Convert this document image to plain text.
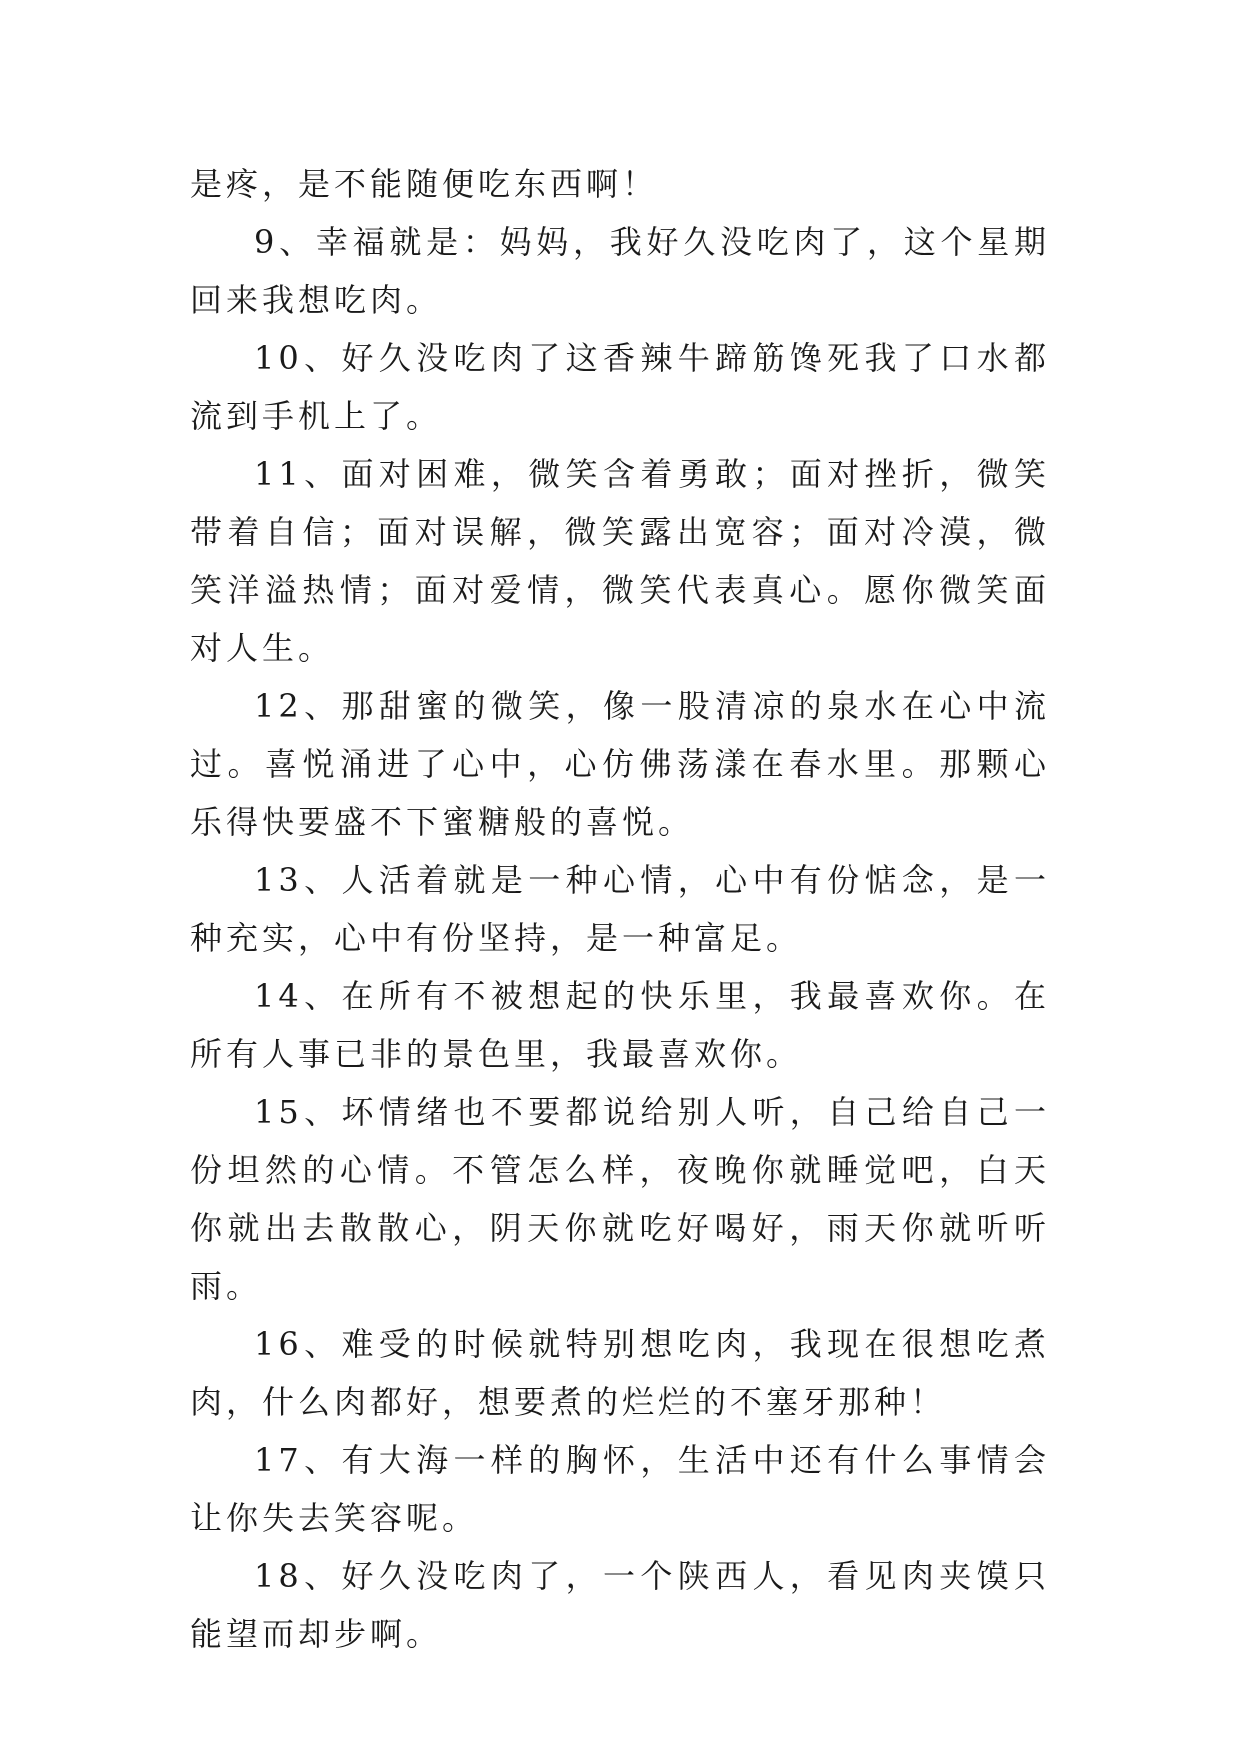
是疼，是不能随便吃东西啊！

9、幸福就是：妈妈，我好久没吃肉了，这个星期回来我想吃肉。

10、好久没吃肉了这香辣牛蹄筋馋死我了口水都流到手机上了。

11、面对困难，微笑含着勇敢；面对挫折，微笑带着自信；面对误解，微笑露出宽容；面对冷漠，微笑洋溢热情；面对爱情，微笑代表真心。愿你微笑面对人生。

12、那甜蜜的微笑，像一股清凉的泉水在心中流过。喜悦涌进了心中，心仿佛荡漾在春水里。那颗心乐得快要盛不下蜜糖般的喜悦。

13、人活着就是一种心情，心中有份惦念，是一种充实，心中有份坚持，是一种富足。

14、在所有不被想起的快乐里，我最喜欢你。在所有人事已非的景色里，我最喜欢你。

15、坏情绪也不要都说给别人听，自己给自己一份坦然的心情。不管怎么样，夜晚你就睡觉吧，白天你就出去散散心，阴天你就吃好喝好，雨天你就听听雨。

16、难受的时候就特别想吃肉，我现在很想吃煮肉，什么肉都好，想要煮的烂烂的不塞牙那种！

17、有大海一样的胸怀，生活中还有什么事情会让你失去笑容呢。

18、好久没吃肉了，一个陕西人，看见肉夹馍只能望而却步啊。
